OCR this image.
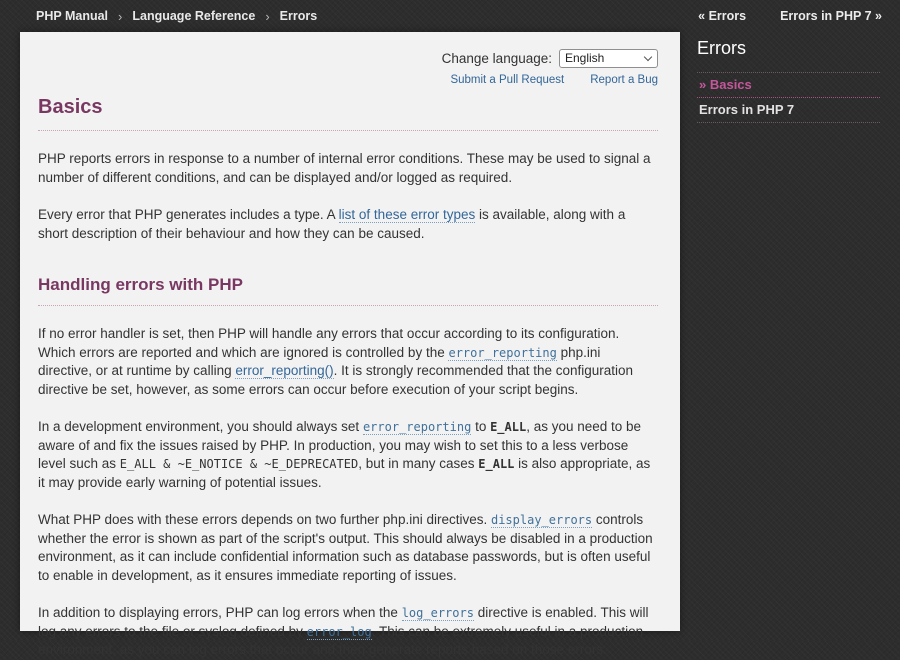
PHP Manual › Language Reference › Errors	« Errors	Errors in PHP 7 »
Change language:
English
Submit a Pull Request Report a Bug
Basics

PHP reports errors in response to a number of internal error conditions. These may be used to signal a number of different conditions, and can be displayed and/or logged as required.

Every error that PHP generates includes a type. A list of these error types is available, along with a short description of their behaviour and how they can be caused.

Handling errors with PHP

If no error handler is set, then PHP will handle any errors that occur according to its configuration. Which errors are reported and which are ignored is controlled by the error_reporting php.ini directive, or at runtime by calling error_reporting(). It is strongly recommended that the configuration directive be set, however, as some errors can occur before execution of your script begins.

In a development environment, you should always set error_reporting to E_ALL, as you need to be aware of and fix the issues raised by PHP. In production, you may wish to set this to a less verbose level such as E_ALL & ~E_NOTICE & ~E_DEPRECATED, but in many cases E_ALL is also appropriate, as it may provide early warning of potential issues.

What PHP does with these errors depends on two further php.ini directives. display_errors controls whether the error is shown as part of the script's output. This should always be disabled in a production environment, as it can include confidential information such as database passwords, but is often useful to enable in development, as it ensures immediate reporting of issues.

In addition to displaying errors, PHP can log errors when the log_errors directive is enabled. This will log any errors to the file or syslog defined by error_log. This can be extremely useful in a production environment, as you can log errors that occur and then generate reports based on those errors.

Errors
» Basics
Errors in PHP 7
